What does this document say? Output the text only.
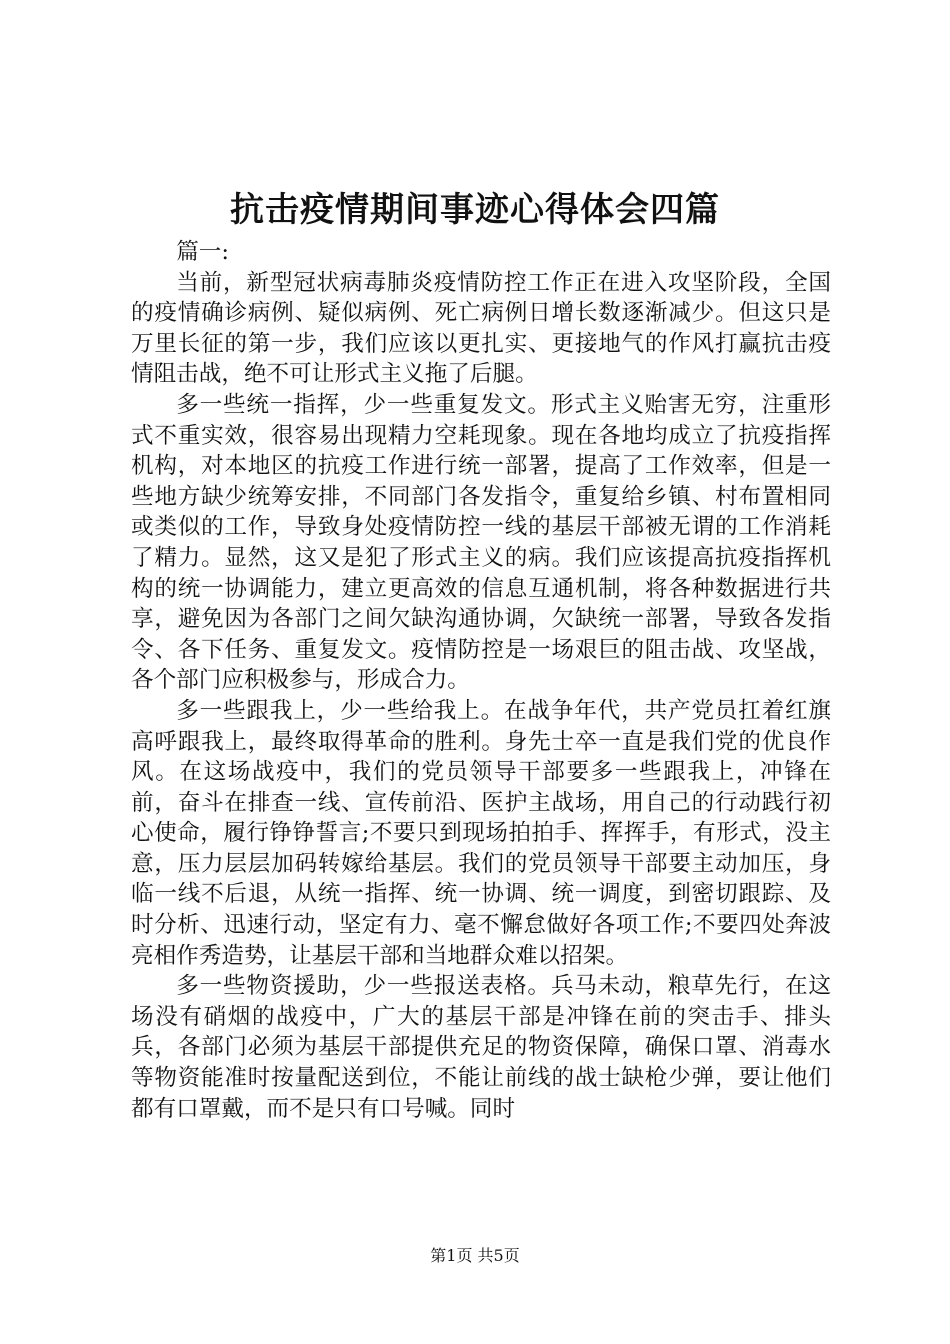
抗击疫情期间事迹心得体会四篇

篇一:

当前，新型冠状病毒肺炎疫情防控工作正在进入攻坚阶段，全国的疫情确诊病例、疑似病例、死亡病例日增长数逐渐减少。但这只是万里长征的第一步，我们应该以更扎实、更接地气的作风打赢抗击疫情阻击战，绝不可让形式主义拖了后腿。

多一些统一指挥，少一些重复发文。形式主义贻害无穷，注重形式不重实效，很容易出现精力空耗现象。现在各地均成立了抗疫指挥机构，对本地区的抗疫工作进行统一部署，提高了工作效率，但是一些地方缺少统筹安排，不同部门各发指令，重复给乡镇、村布置相同或类似的工作，导致身处疫情防控一线的基层干部被无谓的工作消耗了精力。显然，这又是犯了形式主义的病。我们应该提高抗疫指挥机构的统一协调能力，建立更高效的信息互通机制，将各种数据进行共享，避免因为各部门之间欠缺沟通协调，欠缺统一部署，导致各发指令、各下任务、重复发文。疫情防控是一场艰巨的阻击战、攻坚战，各个部门应积极参与，形成合力。

多一些跟我上，少一些给我上。在战争年代，共产党员扛着红旗高呼跟我上，最终取得革命的胜利。身先士卒一直是我们党的优良作风。在这场战疫中，我们的党员领导干部要多一些跟我上，冲锋在前，奋斗在排查一线、宣传前沿、医护主战场，用自己的行动践行初心使命，履行铮铮誓言;不要只到现场拍拍手、挥挥手，有形式，没主意，压力层层加码转嫁给基层。我们的党员领导干部要主动加压，身临一线不后退，从统一指挥、统一协调、统一调度，到密切跟踪、及时分析、迅速行动，坚定有力、毫不懈怠做好各项工作;不要四处奔波亮相作秀造势，让基层干部和当地群众难以招架。

多一些物资援助，少一些报送表格。兵马未动，粮草先行，在这场没有硝烟的战疫中，广大的基层干部是冲锋在前的突击手、排头兵，各部门必须为基层干部提供充足的物资保障，确保口罩、消毒水等物资能准时按量配送到位，不能让前线的战士缺枪少弹，要让他们都有口罩戴，而不是只有口号喊。同时

第1页 共5页
